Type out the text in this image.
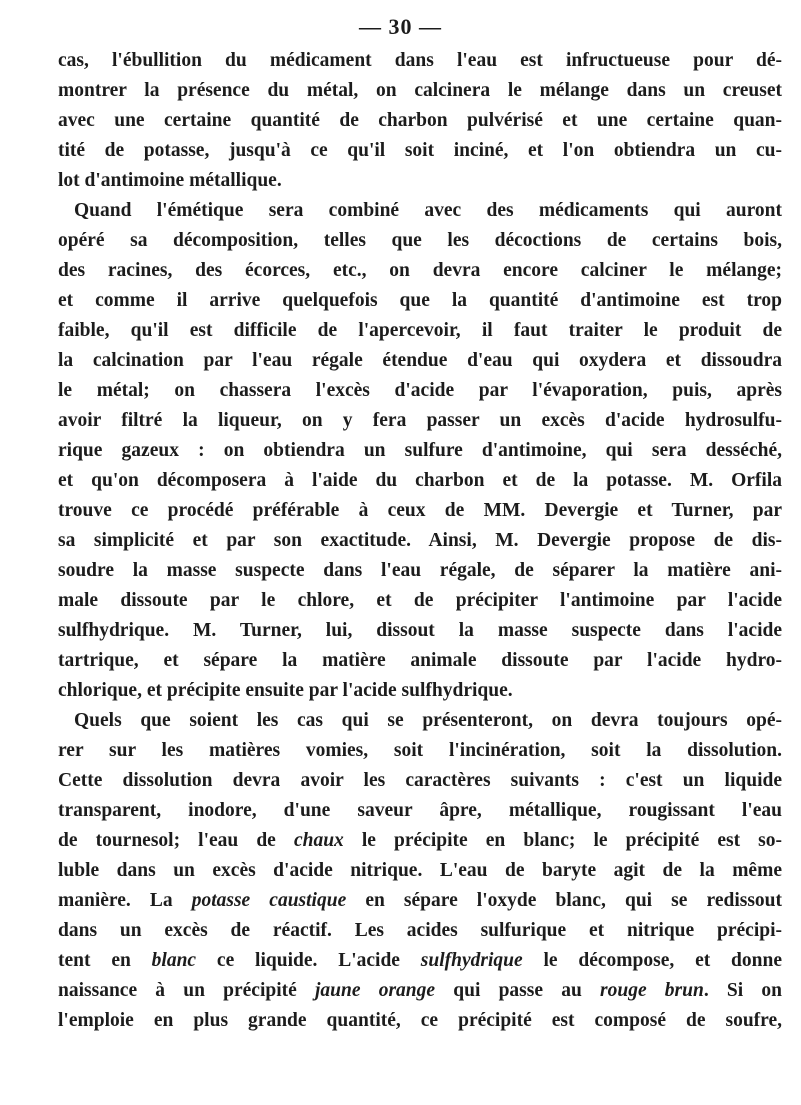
— 30 —
cas, l'ébullition du médicament dans l'eau est infructueuse pour dé-
montrer la présence du métal, on calcinera le mélange dans un creuset
avec une certaine quantité de charbon pulvérisé et une certaine quan-
tité de potasse, jusqu'à ce qu'il soit inciné, et l'on obtiendra un cu-
lot d'antimoine métallique.
Quand l'émétique sera combiné avec des médicaments qui auront
opéré sa décomposition, telles que les décoctions de certains bois,
des racines, des écorces, etc., on devra encore calciner le mélange;
et comme il arrive quelquefois que la quantité d'antimoine est trop
faible, qu'il est difficile de l'apercevoir, il faut traiter le produit de
la calcination par l'eau régale étendue d'eau qui oxydera et dissoudra
le métal; on chassera l'excès d'acide par l'évaporation, puis, après
avoir filtré la liqueur, on y fera passer un excès d'acide hydrosulfu-
rique gazeux : on obtiendra un sulfure d'antimoine, qui sera desséché,
et qu'on décomposera à l'aide du charbon et de la potasse. M. Orfila
trouve ce procédé préférable à ceux de MM. Devergie et Turner, par
sa simplicité et par son exactitude. Ainsi, M. Devergie propose de dis-
soudre la masse suspecte dans l'eau régale, de séparer la matière ani-
male dissoute par le chlore, et de précipiter l'antimoine par l'acide
sulfhydrique. M. Turner, lui, dissout la masse suspecte dans l'acide
tartrique, et sépare la matière animale dissoute par l'acide hydro-
chlorique, et précipite ensuite par l'acide sulfhydrique.
Quels que soient les cas qui se présenteront, on devra toujours opé-
rer sur les matières vomies, soit l'incinération, soit la dissolution.
Cette dissolution devra avoir les caractères suivants : c'est un liquide
transparent, inodore, d'une saveur âpre, métallique, rougissant l'eau
de tournesol; l'eau de chaux le précipite en blanc; le précipité est so-
luble dans un excès d'acide nitrique. L'eau de baryte agit de la même
manière. La potasse caustique en sépare l'oxyde blanc, qui se redissout
dans un excès de réactif. Les acides sulfurique et nitrique précipi-
tent en blanc ce liquide. L'acide sulfhydrique le décompose, et donne
naissance à un précipité jaune orange qui passe au rouge brun. Si on
l'emploie en plus grande quantité, ce précipité est composé de soufre,
